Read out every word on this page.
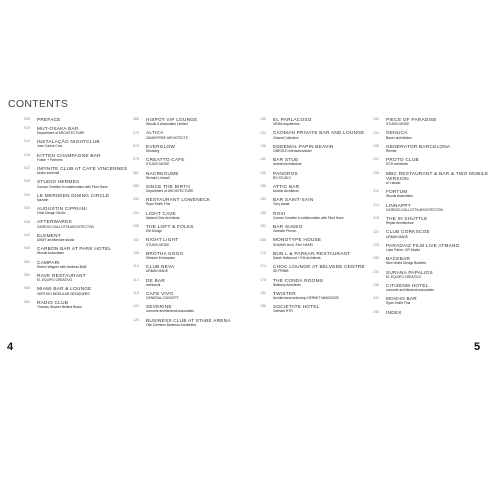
CONTENTS
008	PREFACE
010	MUT-OSAKA BAR
Department of ARCHITECTURE
014	INSTALAÇÃO NIGHTCLUB
Jose Carlos Cruz
018	KITTEN CHAMPAGNE BAR
Foster + Partners
022	INFINITE CLUB AT CAFE VINCENNES
studio lumens8
026	STUDIO HERMES
Conran Creative in collaboration with Fluid Hans
030	LE MERIDIEN DINING CIRCLE
Nazdrin
034	AUGUSTIN CIPRIANI
Orbit Design Studio
038	AFTERWARDS
GIORGIO GULLOTTA ARCHITECTON
042	ELEMENT
ASWT architecture studio
046	CARBON BAR AT PARK HOTEL
Woods Associates
050	CAMPARI
Ruben Wagner with Andreas Bräll
054	RAVE RESTAURANT
EL EQUIPO CREATIVO
058	MIAMI BAR & LOUNGE
VERTIGO MODULAR DESIGNERS
062	RADIO CLUB
Thomas Stocker Bettina Braun
066	HISPOT VIP LOUNGE
Woods & Associates Limited
070	ALTICA
ZANNYFREE ARCHITECTS
074	EVERGLOW
Stonberg
078	CREATTO CAFE
STUDIO MODE
082	NACREOUME
Richard Lindvall
086	SINCE THE BIRTH
Department of ARCHITECTURE
090	RESTAURANT LOWENECK
Ryan Smith Fine
094	LIGHT CAVE
Marisol Ortiz Architects
098	THE LOFT & FOLKS
EM Design
102	NIGHT LIGHT
STUDIO MODE
106	BROTHA KOGO
Stinsom Embassies
110	CLUB NEVA
URBAN MADE
114	DE BAR
archiarchi
118	CAFE VIVO
GENERAL CONCEPT
122	SEVERINE
concrete architectural associates
126	BUSINESS CLUB AT STABE ARENA
Olle Clemens Barkman Architekter
130	EL PARLACOSO
HEMA arquitectos
134	CAOMAN PRIVATE BAR AND LOUNGE
Ghazal Collective
138	EDDEMAL PAPIN BEAVIN
OMROLD interaction/alder
142	BAR STUE
Ashrah Architecture
146	PANOROS
BS STUDIO
150	ATTIC BAR
Ashton Architects
154	BAR SAINT-SAIN
Tony Aarati
158	ROXI
Conran Creative in collaboration with Fluid Hans
162	BAR SUSEO
Zahnder Pincon
166	MONOTYPE HOUSE
SHAHAV Arch. Firm HAKEI
170	BUN L & PARKAN RESTAURANT
Sarah Hallmond + EM Architects
174	CHOC LOUNGE AT BELVEDE CENTRE
SE PRIME
178	THE CONDA ROOMS
Balikanp Architects
182	TWISTER
Architectural workshop DERWIT MANSIONS
186	SOCIETATE HOTEL
Gerhard RTR
190	PIECE OF PARADISE
STUDIO MODE
194	GENUCA
Bauer architekten
198	GENERATOR BARCELONA
Riemer
202	PROTO CLUB
ECR architects
206	MBC RESTAURANT & BAR & TWO MOBILE VERSION
a+t studio
210	FORTUM
Woods Associates
214	LINNAPPT
GIORGIO GULLOTTA ARCHITECTON
218	THE IN SHUTTLE
Rejaie Architecture
222	CLUB CORKSCOE
URBAN MADE
226	PARADAIZ FILM LIVE ATMANO
Luke Fisher, GR Studio
230	BACKBAR
New World Design Builders
234	SURANA PAPALIGS
EL EQUIPO CREATIVO
238	CITIZENM HOTEL
concrete architectural associates
242	MOSHO BAR
Ryan Smith Fine
246	INDEX
4	5
